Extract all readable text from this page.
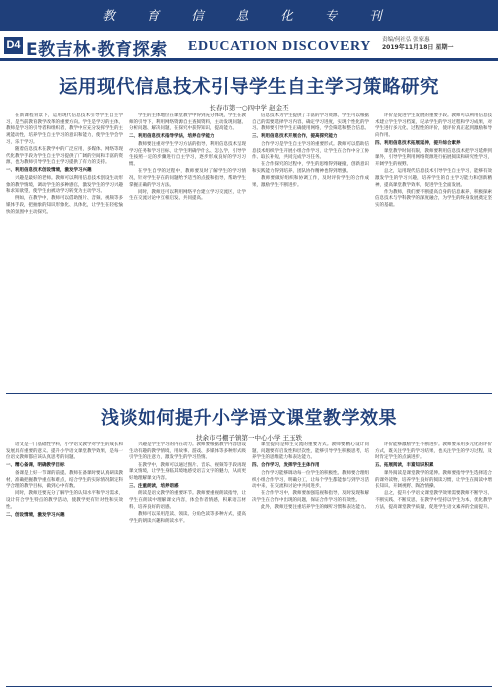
教 育 信 息 化 专 刊
D4 E教吉林·教育探索 EDUCATION DISCOVERY 责编/何社弘 张家惠
2019年11月18日 星期一
运用现代信息技术引导学生自主学习策略研究
长春市第一○四中学 赵金丕

在新课程背景下，运用现代信息技术引导学生自主学习，是当前教育教学改革的重要方向。学生是学习的主体，教师是学习的引导者和组织者，教学中应充分发挥学生的主观能动性，培养学生自主学习的意识和能力，使学生学会学习，乐于学习。

随着信息技术在教学中的广泛应用，多媒体、网络等现代化教学手段为学生自主学习提供了广阔的空间和丰富的资源，也为教师引导学生自主学习提供了有力的支持。

一、利用信息技术创设情境，激发学习兴趣

兴趣是最好的老师。教师可以利用信息技术创设生动形象的教学情境，调动学生的多种感官，激发学生的学习兴趣和求知欲望，使学生由被动学习转变为主动学习。

例如，在教学中，教师可以借助图片、音频、视频等多媒体手段，把抽象的知识形象化、具体化，让学生在轻松愉快的氛围中主动探究。

学生的主体地位在课堂教学中得到充分体现，学生在教师的引导下，利用网络资源自主查阅资料，主动发现问题、分析问题、解决问题，在探究中获得知识，提高能力。

二、利用信息技术指导学法，培养自学能力

教师要注重对学生学习方法的指导，利用信息技术呈现学习任务和学习目标，让学生明确学什么、怎么学，引导学生按照一定的步骤进行自主学习，逐步形成良好的学习习惯。

在学生自学的过程中，教师要及时了解学生的学习情况，针对学生存在的问题给予适当的点拨和指导，帮助学生掌握正确的学习方法。

同时，教师还可以利用网络平台建立学习交流区，让学生在交流讨论中互相启发、共同提高。

信息技术为学生提供了丰富的学习资源，学生可以根据自己的需要选择学习内容，确定学习进度，实现个性化的学习。教师要引导学生正确使用网络，学会筛选和整合信息。

三、利用信息技术开展合作，提高探究能力

合作学习是学生自主学习的重要形式。教师可以借助信息技术组织学生开展小组合作学习，让学生在合作中分工协作、取长补短，共同完成学习任务。

在合作探究的过程中，学生的思维得到碰撞，创新意识和实践能力得到培养，团队协作精神也得到增强。

教师要做好组织和协调工作，及时评价学生的合作成果，激励学生不断进步。

评价是促进学生发展的重要手段。教师可以利用信息技术建立学生学习档案，记录学生的学习过程和学习成果，对学生进行多元化、过程性的评价，使评价真正起到激励和导向作用。

四、利用信息技术拓展延伸，提升综合素养

课堂教学时间有限，教师要利用信息技术把学习延伸到课外，引导学生利用网络资源进行拓展阅读和研究性学习，开阔学生的视野。

总之，运用现代信息技术引导学生自主学习，能够有效激发学生的学习兴趣，培养学生的自主学习能力和创新精神，提高课堂教学效率，促进学生全面发展。

作为教师，我们要不断提高自身的信息素养，积极探索信息技术与学科教学的深度融合，为学生的终身发展奠定坚实的基础。

浅谈如何提升小学语文课堂教学效果
扶余市弓棚子镇第一中心小学 王玉轶

语文是一门基础性学科，小学语文教学对学生的成长和发展具有重要的意义。提升小学语文课堂教学效果，是每一位语文教师都应该认真思考的问题。

一、精心备课，明确教学目标

备课是上好一节课的前提。教师在备课时要认真研读教材，准确把握教学重点和难点，结合学生的实际情况制定科学合理的教学目标，做到心中有数。

同时，教师还要充分了解学生的认知水平和学习需求，设计符合学生特点的教学活动，使教学更有针对性和实效性。

二、创设情境，激发学习兴趣

兴趣是学生学习的内在动力。教师要根据教学内容创设生动有趣的教学情境，用故事、游戏、多媒体等多种形式吸引学生的注意力，激发学生的学习热情。

在教学中，教师可以通过图片、音乐、视频等手段再现课文情境，让学生身临其境地感受语言文字的魅力，从而更好地理解课文内容。

三、注重朗读，培养语感

朗读是语文教学的重要环节。教师要重视朗读指导，让学生在朗读中理解课文内容，体会作者情感，积累语言材料，培养良好的语感。

教师可以采用范读、领读、分角色读等多种方式，提高学生的朗读兴趣和朗读水平。

课堂提问是师生交流的重要方式。教师要精心设计问题，问题要有启发性和层次性，能够引导学生积极思考，培养学生的思维能力和表达能力。

四、合作学习，发挥学生主体作用

合作学习能够调动每一位学生的积极性。教师要合理组织小组合作学习，明确分工，让每个学生都能参与到学习活动中来，在交流和讨论中共同进步。

在合作学习中，教师要加强巡视和指导，及时发现和解决学生在合作中出现的问题，保证合作学习的有效性。

此外，教师还要注重培养学生的倾听习惯和表达能力。

评价能够激励学生不断进步。教师要采用多元化的评价方式，既关注学生的学习结果，也关注学生的学习过程，及时肯定学生的点滴进步。

五、拓展阅读，丰富知识积累

课外阅读是课堂教学的延伸。教师要指导学生选择适合的课外读物，培养学生良好的阅读习惯，让学生在阅读中增长知识、开阔视野、陶冶情操。

总之，提升小学语文课堂教学效果需要教师不断学习、不断实践、不断反思，在教学中坚持以学生为本，优化教学方法，提高课堂教学质量，促进学生语文素养的全面提升。
